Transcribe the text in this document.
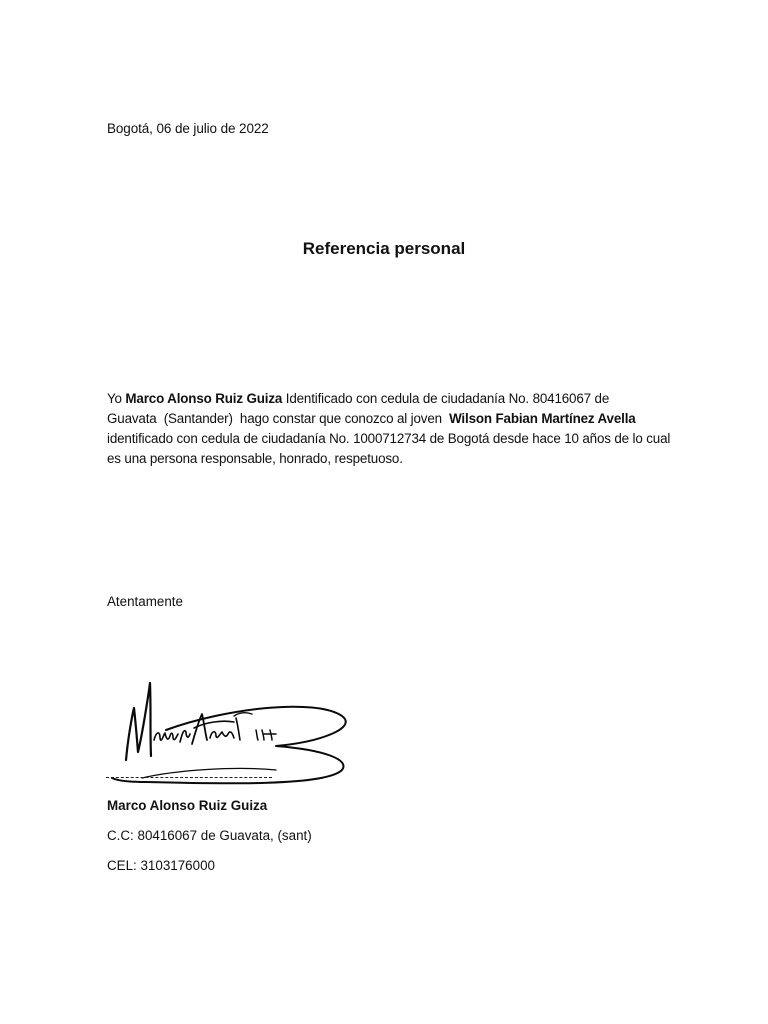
Bogotá, 06 de julio de 2022
Referencia personal
Yo Marco Alonso Ruiz Guiza Identificado con cedula de ciudadanía No. 80416067 de
Guavata  (Santander)  hago constar que conozco al joven  Wilson Fabian Martínez Avella
identificado con cedula de ciudadanía No. 1000712734 de Bogotá desde hace 10 años de lo cual
es una persona responsable, honrado, respetuoso.
Atentamente
Marco Alonso Ruiz Guiza
C.C: 80416067 de Guavata, (sant)
CEL: 3103176000
